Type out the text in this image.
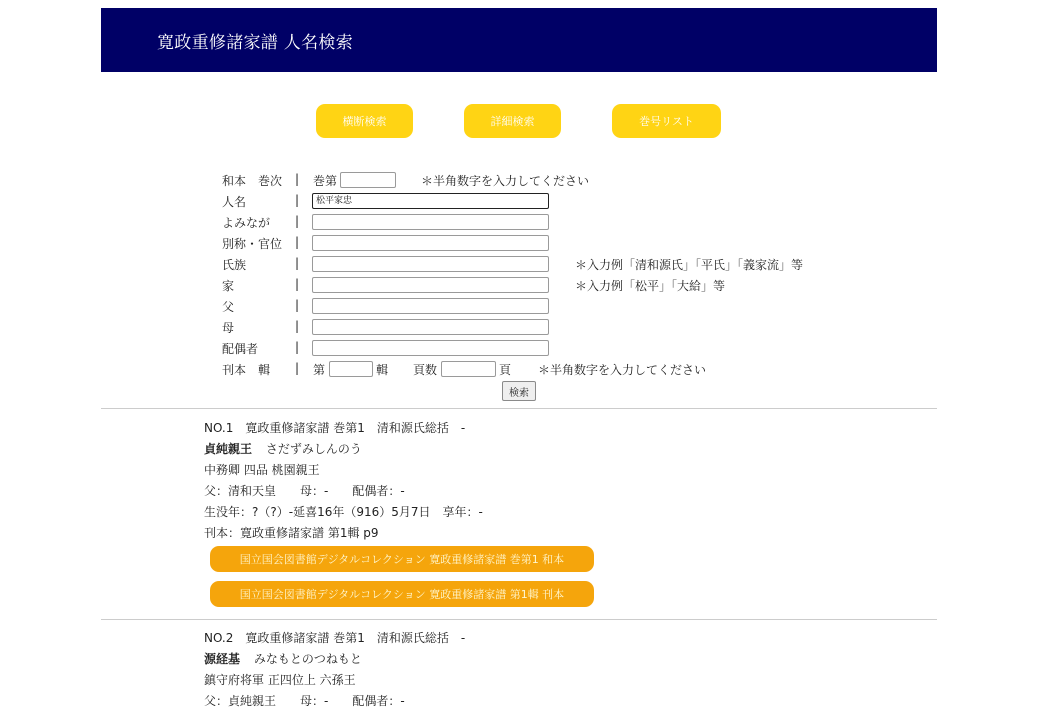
寛政重修諸家譜 人名検索
横断検索	詳細検索	巻号リスト
和本　巻次 | 巻第	＊半角数字を入力してください
人名	|
松平家忠
よみなが |
別称・官位 |
氏族	|	＊入力例「清和源氏」「平氏」「義家流」等
家	|	＊入力例「松平」「大給」等
父	|
母	|
配偶者	|
刊本　輯 | 第	輯 頁数	頁 ＊半角数字を入力してください
検索
NO.1　寛政重修諸家譜 巻第1　清和源氏総括　-
貞純親王 さだずみしんのう
中務卿 四品 桃園親王
父：清和天皇　　母：-　　配偶者：-
生没年：?（?）-延喜16年（916）5月7日　享年：-
刊本：寛政重修諸家譜 第1輯 p9
国立国会図書館デジタルコレクション 寛政重修諸家譜 巻第1 和本
国立国会図書館デジタルコレクション 寛政重修諸家譜 第1輯 刊本
NO.2　寛政重修諸家譜 巻第1　清和源氏総括　-
源経基 みなもとのつねもと
鎮守府将軍 正四位上 六孫王
父：貞純親王　　母：-　　配偶者：-
